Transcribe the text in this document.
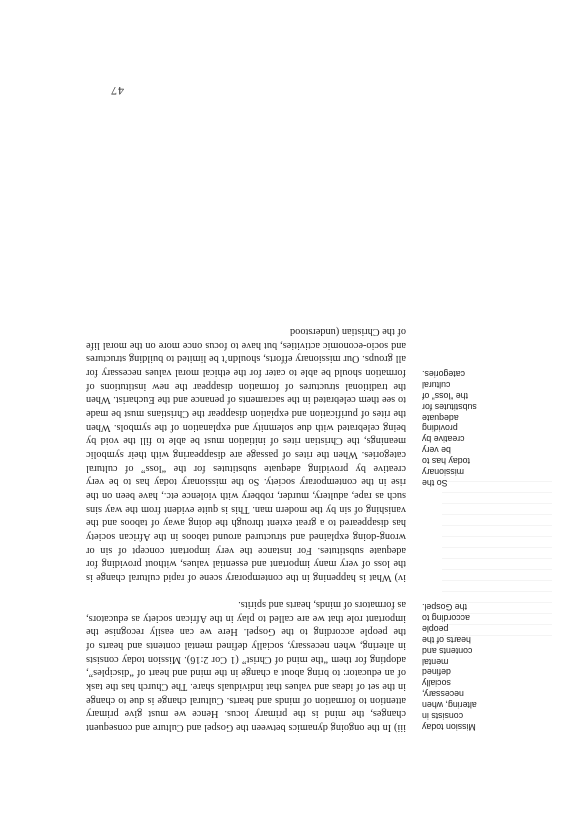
Mission today
consists in
altering, when
necessary,
socially
defined
mental
contents and
hearts of the
people
according to
the Gospel.
So the
missionary
today has to
be very
creative by
providing
adequate
substitutes for
the “loss” of
cultural
categories.

iii) In the ongoing dynamics between the Gospel and Culture and consequent changes, the mind is the primary locus. Hence we must give primary attention to formation of minds and hearts. Cultural change is due to change in the set of ideas and values that individuals share. The Church has the task of an educator: to bring about a change in the mind and heart of “disciples”, adopting for them “the mind of Christ” (1 Cor 2:16). Mission today consists in altering, when necessary, socially defined mental contents and hearts of the people according to the Gospel. Here we can easily recognise the important role that we are called to play in the African society as educators, as formators of minds, hearts and spirits.

iv) What is happening in the contemporary scene of rapid cultural change is the loss of very many important and essential values, without providing for adequate substitutes. For instance the very important concept of sin or wrong-doing explained and structured around taboos in the African society has disappeared to a great extent through the doing away of taboos and the vanishing of sin by the modern man. This is quite evident from the way sins such as rape, adultery, murder, robbery with violence etc., have been on the rise in the contemporary society. So the missionary today has to be very creative by providing adequate substitutes for the “loss” of cultural categories. When the rites of passage are disappearing with their symbolic meanings, the Christian rites of initiation must be able to fill the void by being celebrated with due solemnity and explanation of the symbols. When the rites of purification and expiation disappear the Christians must be made to see them celebrated in the sacraments of penance and the Eucharist. When the traditional structures of formation disappear the new institutions of formation should be able to cater for the ethical moral values necessary for all groups. Our missionary efforts, shouldn’t be limited to building structures and socio-economic activities, but have to focus once more on the moral life of the Christian (understood

47
